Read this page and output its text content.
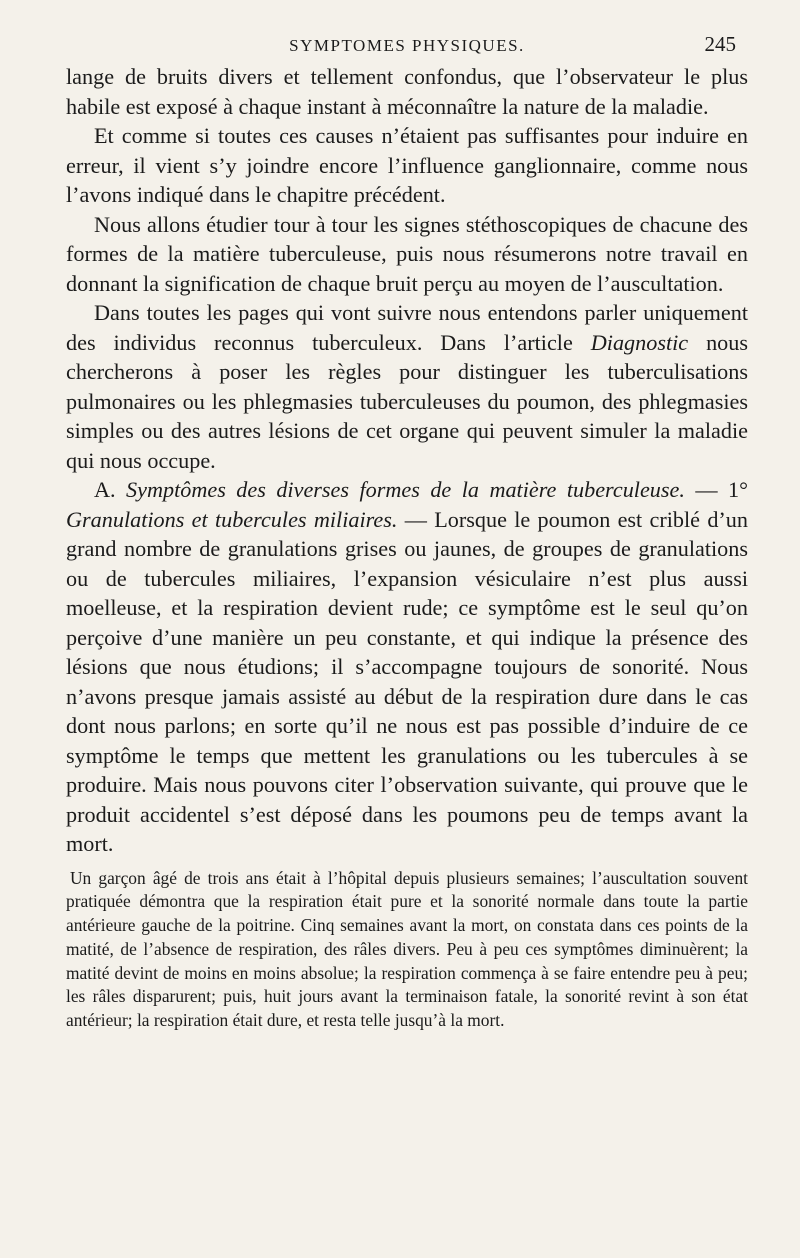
SYMPTOMES PHYSIQUES.	245

lange de bruits divers et tellement confondus, que l’observateur le plus habile est exposé à chaque instant à méconnaître la nature de la maladie.

Et comme si toutes ces causes n’étaient pas suffisantes pour induire en erreur, il vient s’y joindre encore l’influence ganglionnaire, comme nous l’avons indiqué dans le chapitre précédent.

Nous allons étudier tour à tour les signes stéthoscopiques de chacune des formes de la matière tuberculeuse, puis nous résumerons notre travail en donnant la signification de chaque bruit perçu au moyen de l’auscultation.

Dans toutes les pages qui vont suivre nous entendons parler uniquement des individus reconnus tuberculeux. Dans l’article Diagnostic nous chercherons à poser les règles pour distinguer les tuberculisations pulmonaires ou les phlegmasies tuberculeuses du poumon, des phlegmasies simples ou des autres lésions de cet organe qui peuvent simuler la maladie qui nous occupe.

A. Symptômes des diverses formes de la matière tuberculeuse. — 1° Granulations et tubercules miliaires. — Lorsque le poumon est criblé d’un grand nombre de granulations grises ou jaunes, de groupes de granulations ou de tubercules miliaires, l’expansion vésiculaire n’est plus aussi moelleuse, et la respiration devient rude; ce symptôme est le seul qu’on perçoive d’une manière un peu constante, et qui indique la présence des lésions que nous étudions; il s’accompagne toujours de sonorité. Nous n’avons presque jamais assisté au début de la respiration dure dans le cas dont nous parlons; en sorte qu’il ne nous est pas possible d’induire de ce symptôme le temps que mettent les granulations ou les tubercules à se produire. Mais nous pouvons citer l’observation suivante, qui prouve que le produit accidentel s’est déposé dans les poumons peu de temps avant la mort.

Un garçon âgé de trois ans était à l’hôpital depuis plusieurs semaines; l’auscultation souvent pratiquée démontra que la respiration était pure et la sonorité normale dans toute la partie antérieure gauche de la poitrine. Cinq semaines avant la mort, on constata dans ces points de la matité, de l’absence de respiration, des râles divers. Peu à peu ces symptômes diminuèrent; la matité devint de moins en moins absolue; la respiration commença à se faire entendre peu à peu; les râles disparurent; puis, huit jours avant la terminaison fatale, la sonorité revint à son état antérieur; la respiration était dure, et resta telle jusqu’à la mort.
